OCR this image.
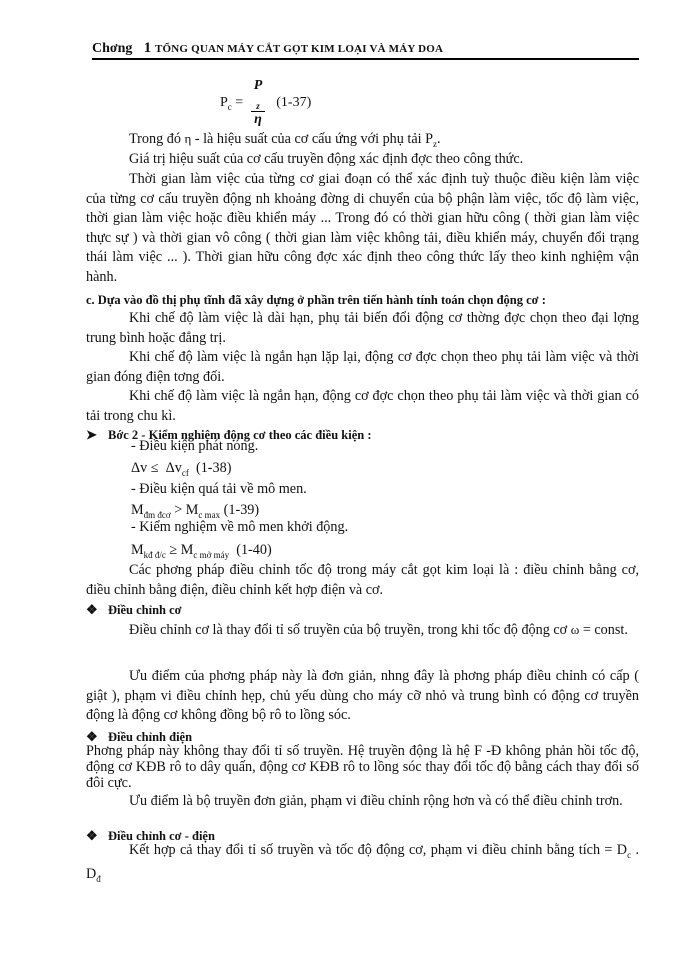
Chơng 1 TỔNG QUAN MÁY CẮT GỌT KIM LOẠI VÀ MÁY DOA
$P_c = P$
$_z$
η (1-37)
Trong đó η - là hiệu suất của cơ cấu ứng với phụ tải $P_z$.
Giá trị hiệu suất của cơ cấu truyền động xác định đợc theo công thức.
Thời gian làm việc của từng cơ giai đoạn có thể xác định tuỳ thuộc điều kiện làm việc của từng cơ cấu truyền động nh khoảng đờng di chuyển của bộ phận làm việc, tốc độ làm việc, thời gian làm việc hoặc điều khiển máy ... Trong đó có thời gian hữu công ( thời gian làm việc thực sự ) và thời gian vô công ( thời gian làm việc không tải, điều khiển máy, chuyển đổi trạng thái làm việc ... ). Thời gian hữu công đợc xác định theo công thức lấy theo kinh nghiệm vận hành.
c. Dựa vào đồ thị phụ tĩnh đã xây dựng ở phần trên tiến hành tính toán chọn động cơ :
Khi chế độ làm việc là dài hạn, phụ tải biến đổi động cơ thờng đợc chọn theo đại lợng trung bình hoặc đẳng trị.
Khi chế độ làm việc là ngắn hạn lặp lại, động cơ đợc chọn theo phụ tải làm việc và thời gian đóng điện tơng đối.
Khi chế độ làm việc là ngắn hạn, động cơ đợc chọn theo phụ tải làm việc và thời gian có tải trong chu kì.
➤ Bớc 2 - Kiểm nghiệm động cơ theo các điều kiện :
- Điều kiện phát nóng.
$\Delta v \le \Delta v_{cf}$ (1-38)
- Điều kiện quá tải về mô men.
$M_{đm đcơ} > M_{c max}$ (1-39)
- Kiểm nghiệm về mô men khởi động.
$M_{kđ đ/c} \ge M_{c mở máy}$ (1-40)
Các phơng pháp điều chỉnh tốc độ trong máy cắt gọt kim loại là : điều chỉnh bằng cơ, điều chỉnh bằng điện, điều chỉnh kết hợp điện và cơ.
❖ Điều chỉnh cơ
Điều chỉnh cơ là thay đổi tỉ số truyền của bộ truyền, trong khi tốc độ động cơ ω = const.
Ưu điểm của phơng pháp này là đơn giản, nhng đây là phơng pháp điều chỉnh có cấp ( giật ), phạm vi điều chỉnh hẹp, chủ yếu dùng cho máy cỡ nhỏ và trung bình có động cơ truyền động là động cơ không đồng bộ rô to lồng sóc.
❖ Điều chỉnh điện
Phơng pháp này không thay đổi tỉ số truyền. Hệ truyền động là hệ F -Đ không phản hồi tốc độ, động cơ KĐB rô to dây quấn, động cơ KĐB rô to lồng sóc thay đổi tốc độ bằng cách thay đổi số đôi cực.
Ưu điểm là bộ truyền đơn giản, phạm vi điều chỉnh rộng hơn và có thể điều chỉnh trơn.
❖ Điều chỉnh cơ - điện
Kết hợp cả thay đổi tỉ số truyền và tốc độ động cơ, phạm vi điều chỉnh bằng tích = $D_c$ . $D_đ$
